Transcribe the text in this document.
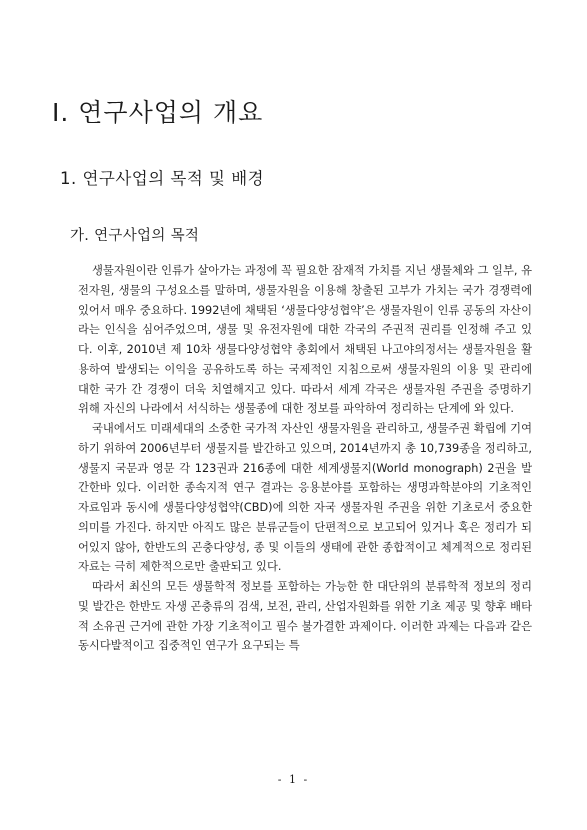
I. 연구사업의 개요
1. 연구사업의 목적 및 배경
가. 연구사업의 목적

생물자원이란 인류가 살아가는 과정에 꼭 필요한 잠재적 가치를 지닌 생물체와 그 일부, 유전자원, 생물의 구성요소를 말하며, 생물자원을 이용해 창출된 고부가 가치는 국가 경쟁력에 있어서 매우 중요하다. 1992년에 채택된 ‘생물다양성협약’은 생물자원이 인류 공동의 자산이라는 인식을 심어주었으며, 생물 및 유전자원에 대한 각국의 주권적 권리를 인정해 주고 있다. 이후, 2010년 제 10차 생물다양성협약 총회에서 채택된 나고야의정서는 생물자원을 활용하여 발생되는 이익을 공유하도록 하는 국제적인 지침으로써 생물자원의 이용 및 관리에 대한 국가 간 경쟁이 더욱 치열해지고 있다. 따라서 세계 각국은 생물자원 주권을 증명하기 위해 자신의 나라에서 서식하는 생물종에 대한 정보를 파악하여 정리하는 단계에 와 있다.

국내에서도 미래세대의 소중한 국가적 자산인 생물자원을 관리하고, 생물주권 확립에 기여하기 위하여 2006년부터 생물지를 발간하고 있으며, 2014년까지 총 10,739종을 정리하고, 생물지 국문과 영문 각 123권과 216종에 대한 세계생물지(World monograph) 2권을 발간한바 있다. 이러한 종속지적 연구 결과는 응용분야를 포함하는 생명과학분야의 기초적인 자료임과 동시에 생물다양성협약(CBD)에 의한 자국 생물자원 주권을 위한 기초로서 중요한 의미를 가진다. 하지만 아직도 많은 분류군들이 단편적으로 보고되어 있거나 혹은 정리가 되어있지 않아, 한반도의 곤충다양성, 종 및 이들의 생태에 관한 종합적이고 체계적으로 정리된 자료는 극히 제한적으로만 출판되고 있다.

따라서 최신의 모든 생물학적 정보를 포함하는 가능한 한 대단위의 분류학적 정보의 정리 및 발간은 한반도 자생 곤충류의 검색, 보전, 관리, 산업자원화를 위한 기초 제공 및 향후 배타적 소유권 근거에 관한 가장 기초적이고 필수 불가결한 과제이다. 이러한 과제는 다음과 같은 동시다발적이고 집중적인 연구가 요구되는 특

- 1 -
